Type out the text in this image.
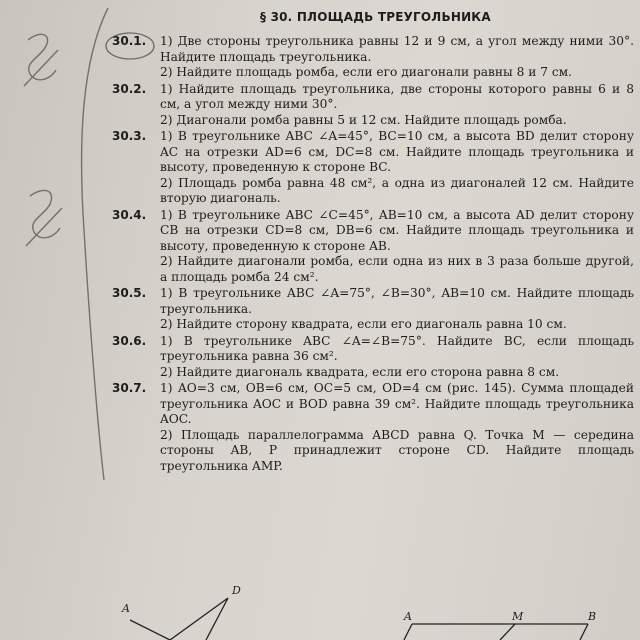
§ 30. ПЛОЩАДЬ ТРЕУГОЛЬНИКА
30.1.	1) Две стороны треугольника равны 12 и 9 см, а угол между ними 30°. Найдите площадь треугольника.
2) Найдите площадь ромба, если его диагонали равны 8 и 7 см.
30.2.	1) Найдите площадь треугольника, две стороны которого равны 6 и 8 см, а угол между ними 30°.
2) Диагонали ромба равны 5 и 12 см. Найдите площадь ромба.
30.3.	1) В треугольнике ABC ∠A=45°, BC=10 см, а высота BD делит сторону AC на отрезки AD=6 см, DC=8 см. Найдите площадь треугольника и высоту, проведенную к стороне BC.
2) Площадь ромба равна 48 см², а одна из диагоналей 12 см. Найдите вторую диагональ.
30.4.	1) В треугольнике ABC ∠C=45°, AB=10 см, а высота AD делит сторону CB на отрезки CD=8 см, DB=6 см. Найдите площадь треугольника и высоту, проведенную к стороне AB.
2) Найдите диагонали ромба, если одна из них в 3 раза больше другой, а площадь ромба 24 см².
30.5.	1) В треугольнике ABC ∠A=75°, ∠B=30°, AB=10 см. Найдите площадь треугольника.
2) Найдите сторону квадрата, если его диагональ равна 10 см.
30.6.	1) В треугольнике ABC ∠A=∠B=75°. Найдите BC, если площадь треугольника равна 36 см².
2) Найдите диагональ квадрата, если его сторона равна 8 см.
30.7.	1) AO=3 см, OB=6 см, OC=5 см, OD=4 см (рис. 145). Сумма площадей треугольника AOC и BOD равна 39 см². Найдите площадь треугольника AOC.
2) Площадь параллелограмма ABCD равна Q. Точка M — середина стороны AB, P принадлежит стороне CD. Найдите площадь треугольника AMP.
A
D
A	M	B
